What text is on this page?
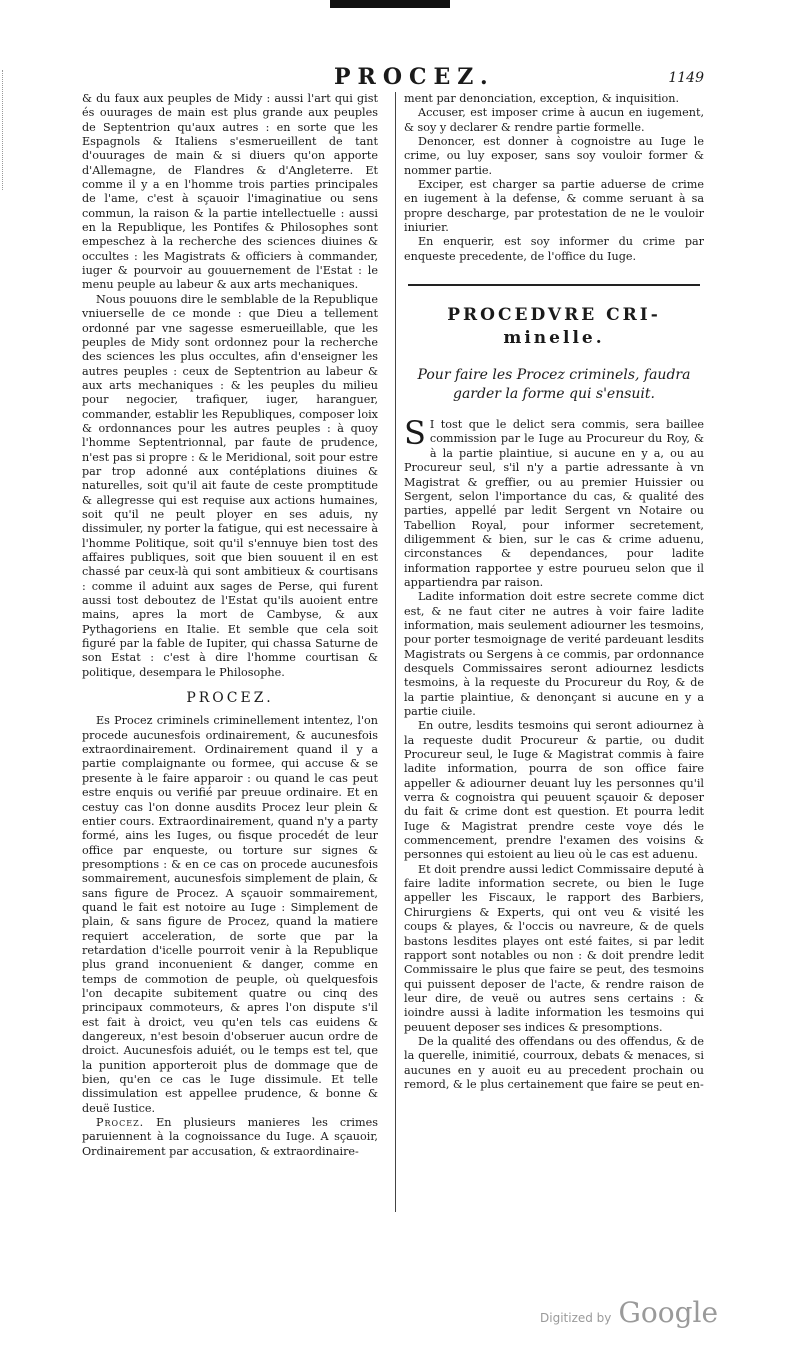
PROCEZ.	1149

& du faux aux peuples de Midy : aussi l'art qui gist és ouurages de main est plus grande aux peuples de Septentrion qu'aux autres : en sorte que les Espagnols & Italiens s'esmerueillent de tant d'ouurages de main & si diuers qu'on apporte d'Allemagne, de Flandres & d'Angleterre. Et comme il y a en l'homme trois parties principales de l'ame, c'est à sçauoir l'imaginatiue ou sens commun, la raison & la partie intellectuelle : aussi en la Republique, les Pontifes & Philosophes sont empeschez à la recherche des sciences diuines & occultes : les Magistrats & officiers à commander, iuger & pourvoir au gouuernement de l'Estat : le menu peuple au labeur & aux arts mechaniques.

Nous pouuons dire le semblable de la Republique vniuerselle de ce monde : que Dieu a tellement ordonné par vne sagesse esmerueillable, que les peuples de Midy sont ordonnez pour la recherche des sciences les plus occultes, afin d'enseigner les autres peuples : ceux de Septentrion au labeur & aux arts mechaniques : & les peuples du milieu pour negocier, trafiquer, iuger, haranguer, commander, establir les Republiques, composer loix & ordonnances pour les autres peuples : à quoy l'homme Septentrionnal, par faute de prudence, n'est pas si propre : & le Meridional, soit pour estre par trop adonné aux contéplations diuines & naturelles, soit qu'il ait faute de ceste promptitude & allegresse qui est requise aux actions humaines, soit qu'il ne peult ployer en ses aduis, ny dissimuler, ny porter la fatigue, qui est necessaire à l'homme Politique, soit qu'il s'ennuye bien tost des affaires publiques, soit que bien souuent il en est chassé par ceux-là qui sont ambitieux & courtisans : comme il aduint aux sages de Perse, qui furent aussi tost deboutez de l'Estat qu'ils auoient entre mains, apres la mort de Cambyse, & aux Pythagoriens en Italie. Et semble que cela soit figuré par la fable de Iupiter, qui chassa Saturne de son Estat : c'est à dire l'homme courtisan & politique, desempara le Philosophe.

PROCEZ.

Es Procez criminels criminellement intentez, l'on procede aucunesfois ordinairement, & aucunesfois extraordinairement. Ordinairement quand il y a partie complaignante ou formee, qui accuse & se presente à le faire apparoir : ou quand le cas peut estre enquis ou verifié par preuue ordinaire. Et en cestuy cas l'on donne ausdits Procez leur plein & entier cours. Extraordinairement, quand n'y a party formé, ains les Iuges, ou fisque procedét de leur office par enqueste, ou torture sur signes & presomptions : & en ce cas on procede aucunesfois sommairement, aucunesfois simplement de plain, & sans figure de Procez. A sçauoir sommairement, quand le fait est notoire au Iuge : Simplement de plain, & sans figure de Procez, quand la matiere requiert acceleration, de sorte que par la retardation d'icelle pourroit venir à la Republique plus grand inconuenient & danger, comme en temps de commotion de peuple, où quelquesfois l'on decapite subitement quatre ou cinq des principaux commoteurs, & apres l'on dispute s'il est fait à droict, veu qu'en tels cas euidens & dangereux, n'est besoin d'obseruer aucun ordre de droict. Aucunesfois aduiét, ou le temps est tel, que la punition apporteroit plus de dommage que de bien, qu'en ce cas le Iuge dissimule. Et telle dissimulation est appellee prudence, & bonne & deuë Iustice.

Procez. En plusieurs manieres les crimes paruiennent à la cognoissance du Iuge. A sçauoir, Ordinairement par accusation, & extraordinaire-

ment par denonciation, exception, & inquisition.

Accuser, est imposer crime à aucun en iugement, & soy y declarer & rendre partie formelle.

Denoncer, est donner à cognoistre au Iuge le crime, ou luy exposer, sans soy vouloir former & nommer partie.

Exciper, est charger sa partie aduerse de crime en iugement à la defense, & comme seruant à sa propre descharge, par protestation de ne le vouloir iniurier.

En enquerir, est soy informer du crime par enqueste precedente, de l'office du Iuge.

PROCEDVRE CRI-
minelle.
Pour faire les Procez criminels, faudra
garder la forme qui s'ensuit.

S I tost que le delict sera commis, sera baillee commission par le Iuge au Procureur du Roy, & à la partie plaintiue, si aucune en y a, ou au Procureur seul, s'il n'y a partie adressante à vn Magistrat & greffier, ou au premier Huissier ou Sergent, selon l'importance du cas, & qualité des parties, appellé par ledit Sergent vn Notaire ou Tabellion Royal, pour informer secretement, diligemment & bien, sur le cas & crime aduenu, circonstances & dependances, pour ladite information rapportee y estre pourueu selon que il appartiendra par raison.

Ladite information doit estre secrete comme dict est, & ne faut citer ne autres à voir faire ladite information, mais seulement adiourner les tesmoins, pour porter tesmoignage de verité pardeuant lesdits Magistrats ou Sergens à ce commis, par ordonnance desquels Commissaires seront adiournez lesdicts tesmoins, à la requeste du Procureur du Roy, & de la partie plaintiue, & denonçant si aucune en y a partie ciuile.

En outre, lesdits tesmoins qui seront adiournez à la requeste dudit Procureur & partie, ou dudit Procureur seul, le Iuge & Magistrat commis à faire ladite information, pourra de son office faire appeller & adiourner deuant luy les personnes qu'il verra & cognoistra qui peuuent sçauoir & deposer du fait & crime dont est question. Et pourra ledit Iuge & Magistrat prendre ceste voye dés le commencement, prendre l'examen des voisins & personnes qui estoient au lieu où le cas est aduenu.

Et doit prendre aussi ledict Commissaire deputé à faire ladite information secrete, ou bien le Iuge appeller les Fiscaux, le rapport des Barbiers, Chirurgiens & Experts, qui ont veu & visité les coups & playes, & l'occis ou navreure, & de quels bastons lesdites playes ont esté faites, si par ledit rapport sont notables ou non : & doit prendre ledit Commissaire le plus que faire se peut, des tesmoins qui puissent deposer de l'acte, & rendre raison de leur dire, de veuë ou autres sens certains : & ioindre aussi à ladite information les tesmoins qui peuuent deposer ses indices & presomptions.

De la qualité des offendans ou des offendus, & de la querelle, inimitié, courroux, debats & menaces, si aucunes en y auoit eu au precedent prochain ou remord, & le plus certainement que faire se peut en-

Digitized by Google
